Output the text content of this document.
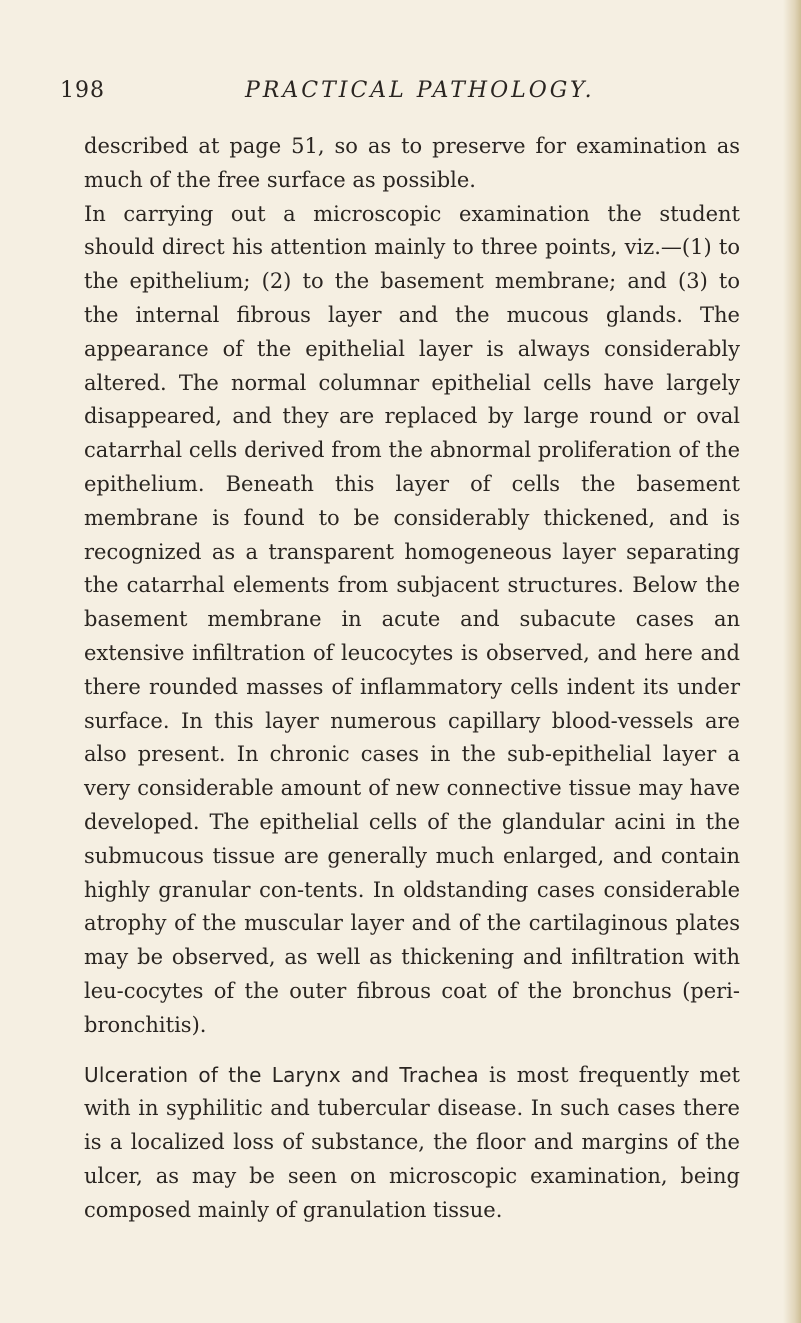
198	PRACTICAL PATHOLOGY.

described at page 51, so as to preserve for examination as much of the free surface as possible.

In carrying out a microscopic examination the student should direct his attention mainly to three points, viz.—(1) to the epithelium; (2) to the basement membrane; and (3) to the internal fibrous layer and the mucous glands. The appearance of the epithelial layer is always considerably altered. The normal columnar epithelial cells have largely disappeared, and they are replaced by large round or oval catarrhal cells derived from the abnormal proliferation of the epithelium. Beneath this layer of cells the basement membrane is found to be considerably thickened, and is recognized as a transparent homogeneous layer separating the catarrhal elements from subjacent structures. Below the basement membrane in acute and subacute cases an extensive infiltration of leucocytes is observed, and here and there rounded masses of inflammatory cells indent its under surface. In this layer numerous capillary blood-vessels are also present. In chronic cases in the sub-epithelial layer a very considerable amount of new connective tissue may have developed. The epithelial cells of the glandular acini in the submucous tissue are generally much enlarged, and contain highly granular con-tents. In oldstanding cases considerable atrophy of the muscular layer and of the cartilaginous plates may be observed, as well as thickening and infiltration with leu-cocytes of the outer fibrous coat of the bronchus (peri-bronchitis).

Ulceration of the Larynx and Trachea is most frequently met with in syphilitic and tubercular disease. In such cases there is a localized loss of substance, the floor and margins of the ulcer, as may be seen on microscopic examination, being composed mainly of granulation tissue.
